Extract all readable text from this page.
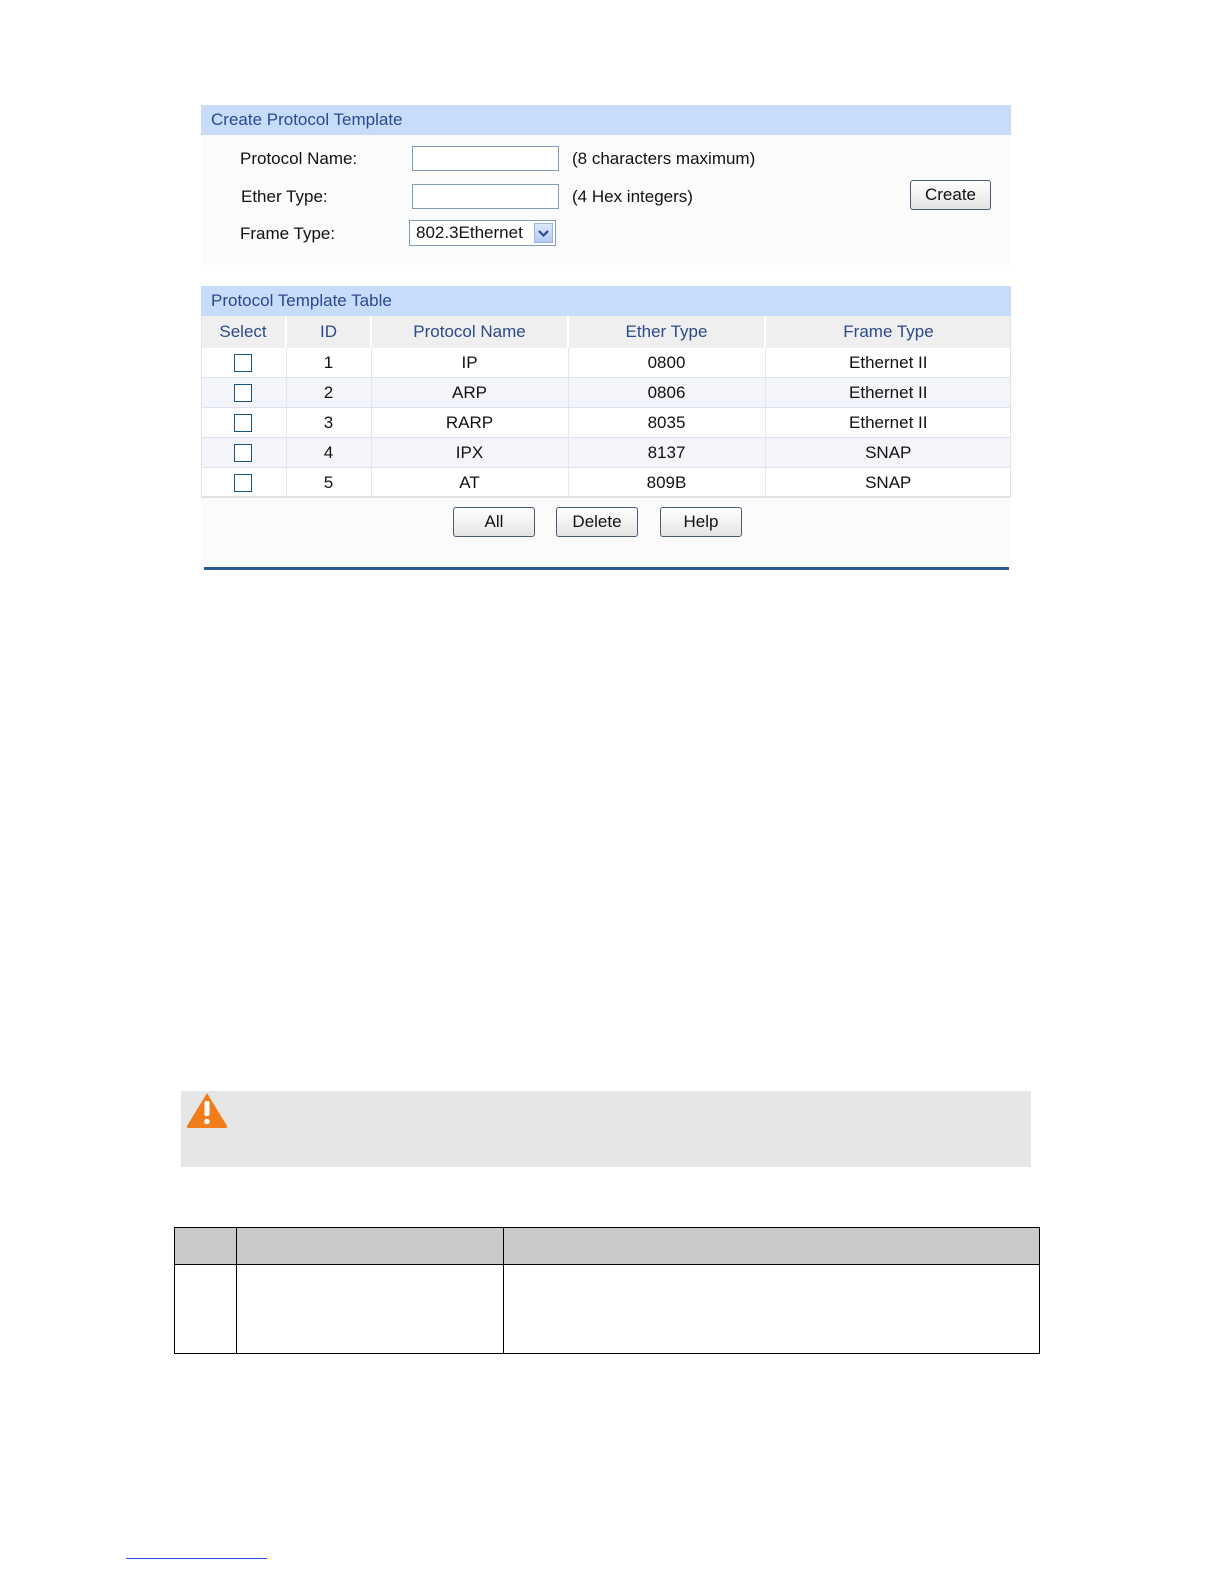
Create Protocol Template
Protocol Name:	(8 characters maximum)
Ether Type:	(4 Hex integers)	Create
Frame Type:	802.3Ethernet
Protocol Template Table
Select	ID	Protocol Name	Ether Type	Frame Type
	1	IP	0800	Ethernet II
	2	ARP	0806	Ethernet II
	3	RARP	8035	Ethernet II
	4	IPX	8137	SNAP
	5	AT	809B	SNAP
All	Delete	Help
